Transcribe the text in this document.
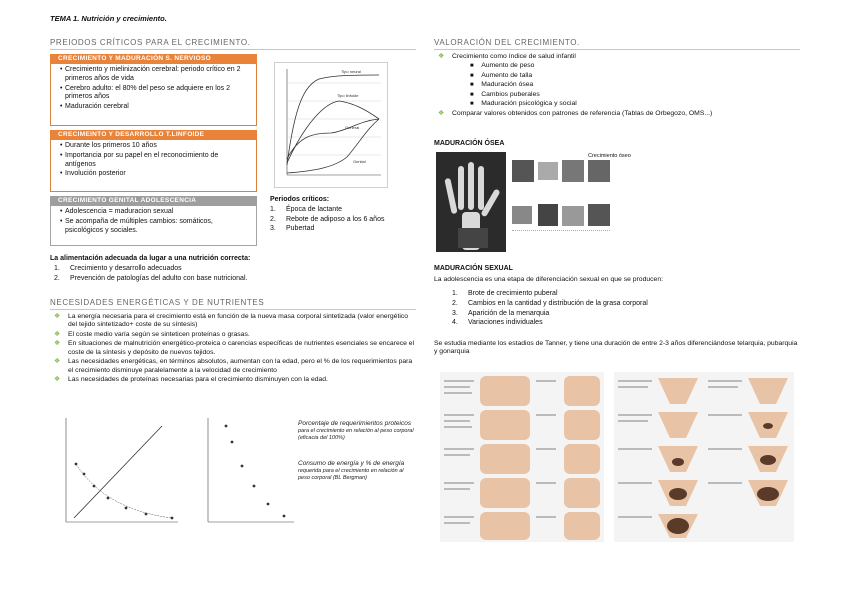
TEMA 1. Nutrición y crecimiento.
PREIODOS CRÍTICOS PARA EL CRECIMIENTO.
CRECIMIENTO Y MADURACIÓN S. NERVIOSO
• Crecimiento y mielinización cerebral: periodo crítico en 2 primeros años de vida
• Cerebro adulto: el 80% del peso se adquiere en los 2 primeros años
• Maduración cerebral
CRECIMEINTO Y DESARROLLO T.LINFOIDE
• Durante los primeros 10 años
• Importancia por su papel en el reconocimiento de antígenos
• Involución posterior
CRECIMIENTO GENITAL ADOLESCENCIA
• Adolescencia = maduracion sexual
• Se acompaña de múltiples cambios: somáticos, psicológicos y sociales.
Tipo neural
Tipo linfoide
General
Genital
Periodos críticos:
1.	Época de lactante
2.	Rebote de adiposo a los 6 años
3.	Pubertad
La alimentación adecuada da lugar a una nutrición correcta:
1.	Crecimiento y desarrollo adecuados
2.	Prevención de patologías del adulto con base nutricional.
NECESIDADES ENERGÉTICAS Y DE NUTRIENTES
❖ La energía necesaria para el crecimiento está en función de la nueva masa corporal sintetizada (valor energético del tejido sintetizado+ coste de su síntesis)
❖ El coste medio varía según se sinteticen proteínas o grasas.
❖ En situaciones de malnutrición energético-proteica o carencias específicas de nutrientes esenciales se encarece el coste de la síntesis y depósito de nuevos tejidos.
❖ Las necesidades energéticas, en términos absolutos, aumentan con la edad, pero el % de los requerimientos para el crecimiento disminuye paralelamente a la velocidad de crecimiento
❖ Las necesidades de proteínas necesarias para el crecimiento disminuyen con la edad.
Porcentaje de requerimientos proteicos
para el crecimiento en relación al peso corporal (eficacia del 100%)
Consumo de energía y % de energía
requerida para el crecimiento en relación al peso corporal (BL Bergman)
VALORACIÓN DEL CRECIMIENTO.
❖ Crecimiento como índice de salud infantil
■ Aumento de peso
■ Aumento de talla
■ Maduración ósea
■ Cambios puberales
■ Maduración psicológica y social
❖ Comparar valores obtenidos con patrones de referencia (Tablas de Orbegozo, OMS...)
MADURACIÓN ÓSEA
Crecimiento óseo
MADURACIÓN SEXUAL
La adolescencia es una etapa de diferenciación sexual en que se producen:
1.	Brote de crecimiento puberal
2.	Cambios en la cantidad y distribución de la grasa corporal
3.	Aparición de la menarquia
4.	Variaciones individuales
Se estudia mediante los estadios de Tanner, y tiene una duración de entre 2-3 años diferenciándose telarquia, pubarquia y gonarquia
